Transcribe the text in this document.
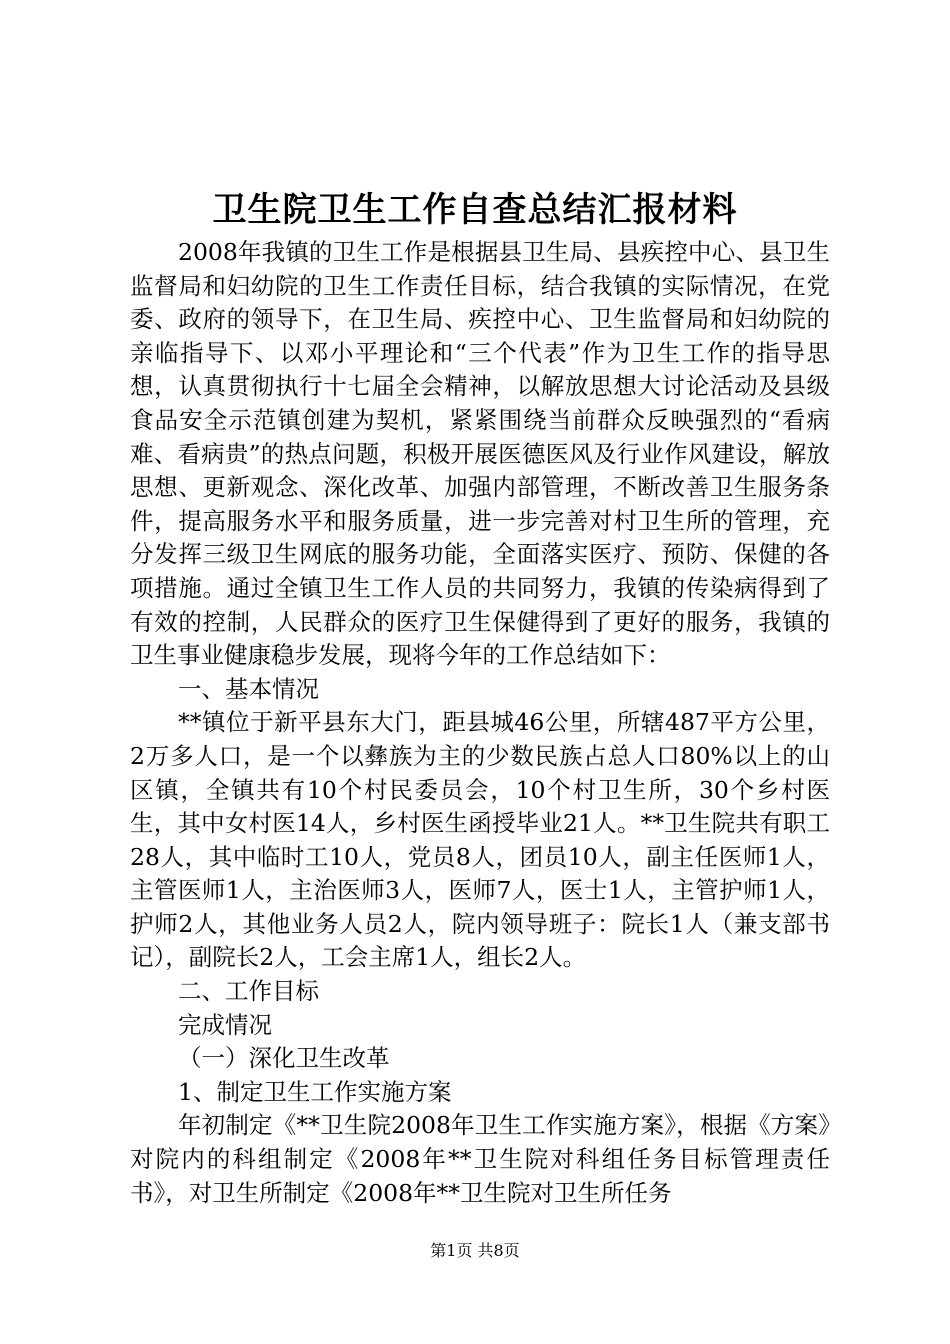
卫生院卫生工作自查总结汇报材料

2008年我镇的卫生工作是根据县卫生局、县疾控中心、县卫生监督局和妇幼院的卫生工作责任目标，结合我镇的实际情况，在党委、政府的领导下，在卫生局、疾控中心、卫生监督局和妇幼院的亲临指导下、以邓小平理论和“三个代表”作为卫生工作的指导思想，认真贯彻执行十七届全会精神，以解放思想大讨论活动及县级食品安全示范镇创建为契机，紧紧围绕当前群众反映强烈的“看病难、看病贵”的热点问题，积极开展医德医风及行业作风建设，解放思想、更新观念、深化改革、加强内部管理，不断改善卫生服务条件，提高服务水平和服务质量，进一步完善对村卫生所的管理，充分发挥三级卫生网底的服务功能，全面落实医疗、预防、保健的各项措施。通过全镇卫生工作人员的共同努力，我镇的传染病得到了有效的控制，人民群众的医疗卫生保健得到了更好的服务，我镇的卫生事业健康稳步发展，现将今年的工作总结如下：

一、基本情况

**镇位于新平县东大门，距县城46公里，所辖487平方公里，2万多人口，是一个以彝族为主的少数民族占总人口80%以上的山区镇，全镇共有10个村民委员会，10个村卫生所，30个乡村医生，其中女村医14人，乡村医生函授毕业21人。**卫生院共有职工28人，其中临时工10人，党员8人，团员10人，副主任医师1人，主管医师1人，主治医师3人，医师7人，医士1人，主管护师1人，护师2人，其他业务人员2人，院内领导班子：院长1人（兼支部书记），副院长2人，工会主席1人，组长2人。

二、工作目标

完成情况

（一）深化卫生改革

1、制定卫生工作实施方案

年初制定《**卫生院2008年卫生工作实施方案》，根据《方案》对院内的科组制定《2008年**卫生院对科组任务目标管理责任书》，对卫生所制定《2008年**卫生院对卫生所任务

第1页 共8页
